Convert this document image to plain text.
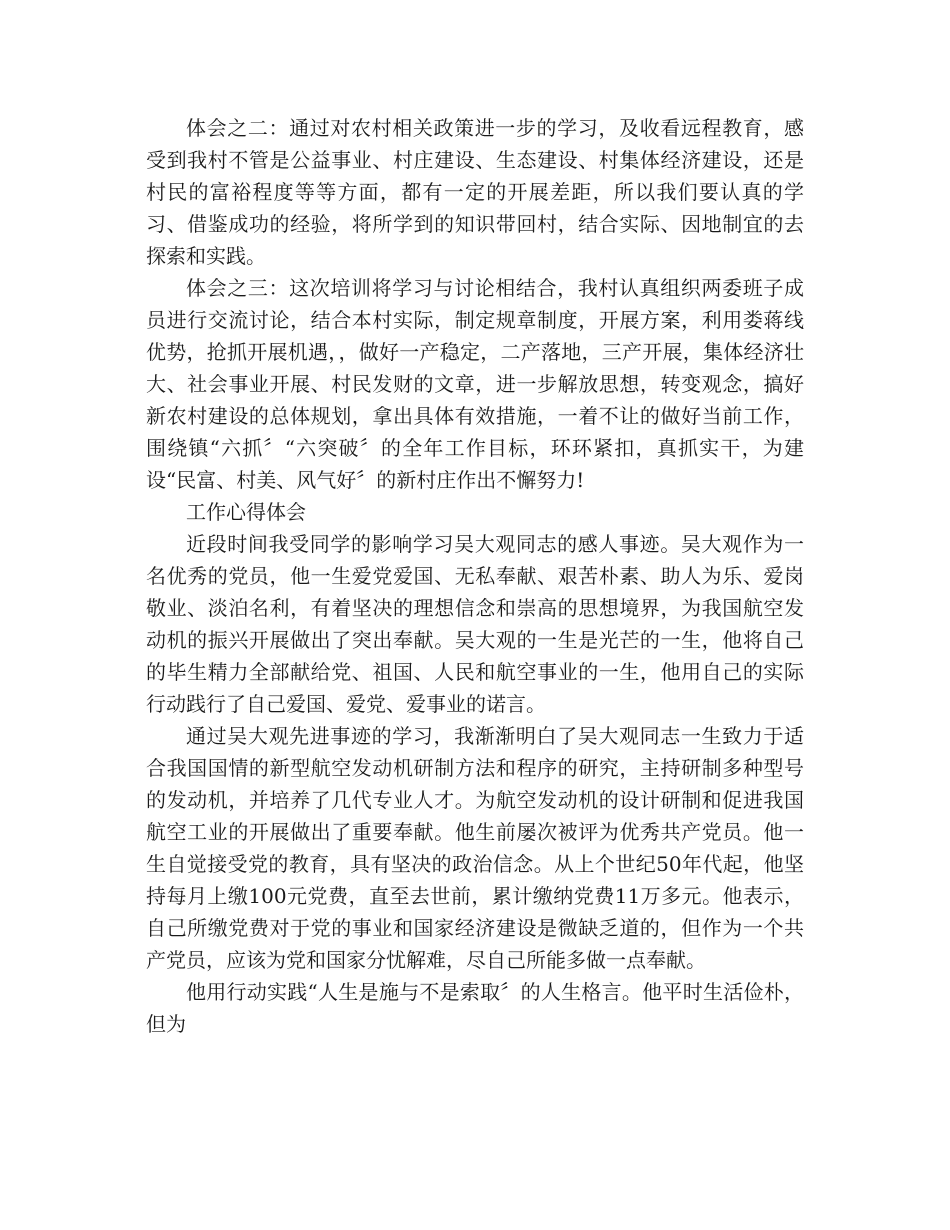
体会之二：通过对农村相关政策进一步的学习，及收看远程教育，感受到我村不管是公益事业、村庄建设、生态建设、村集体经济建设，还是村民的富裕程度等等方面，都有一定的开展差距，所以我们要认真的学习、借鉴成功的经验，将所学到的知识带回村，结合实际、因地制宜的去探索和实践。

体会之三：这次培训将学习与讨论相结合，我村认真组织两委班子成员进行交流讨论，结合本村实际，制定规章制度，开展方案，利用娄蒋线优势，抢抓开展机遇，，做好一产稳定，二产落地，三产开展，集体经济壮大、社会事业开展、村民发财的文章，进一步解放思想，转变观念，搞好新农村建设的总体规划，拿出具体有效措施，一着不让的做好当前工作，围绕镇“六抓〞“六突破〞的全年工作目标，环环紧扣，真抓实干，为建设“民富、村美、风气好〞的新村庄作出不懈努力!

工作心得体会

近段时间我受同学的影响学习吴大观同志的感人事迹。吴大观作为一名优秀的党员，他一生爱党爱国、无私奉献、艰苦朴素、助人为乐、爱岗敬业、淡泊名利，有着坚决的理想信念和崇高的思想境界，为我国航空发动机的振兴开展做出了突出奉献。吴大观的一生是光芒的一生，他将自己的毕生精力全部献给党、祖国、人民和航空事业的一生，他用自己的实际行动践行了自己爱国、爱党、爱事业的诺言。

通过吴大观先进事迹的学习，我渐渐明白了吴大观同志一生致力于适合我国国情的新型航空发动机研制方法和程序的研究，主持研制多种型号的发动机，并培养了几代专业人才。为航空发动机的设计研制和促进我国航空工业的开展做出了重要奉献。他生前屡次被评为优秀共产党员。他一生自觉接受党的教育，具有坚决的政治信念。从上个世纪50年代起，他坚持每月上缴100元党费，直至去世前，累计缴纳党费11万多元。他表示，自己所缴党费对于党的事业和国家经济建设是微缺乏道的，但作为一个共产党员，应该为党和国家分忧解难，尽自己所能多做一点奉献。

他用行动实践“人生是施与不是索取〞的人生格言。他平时生活俭朴，但为
